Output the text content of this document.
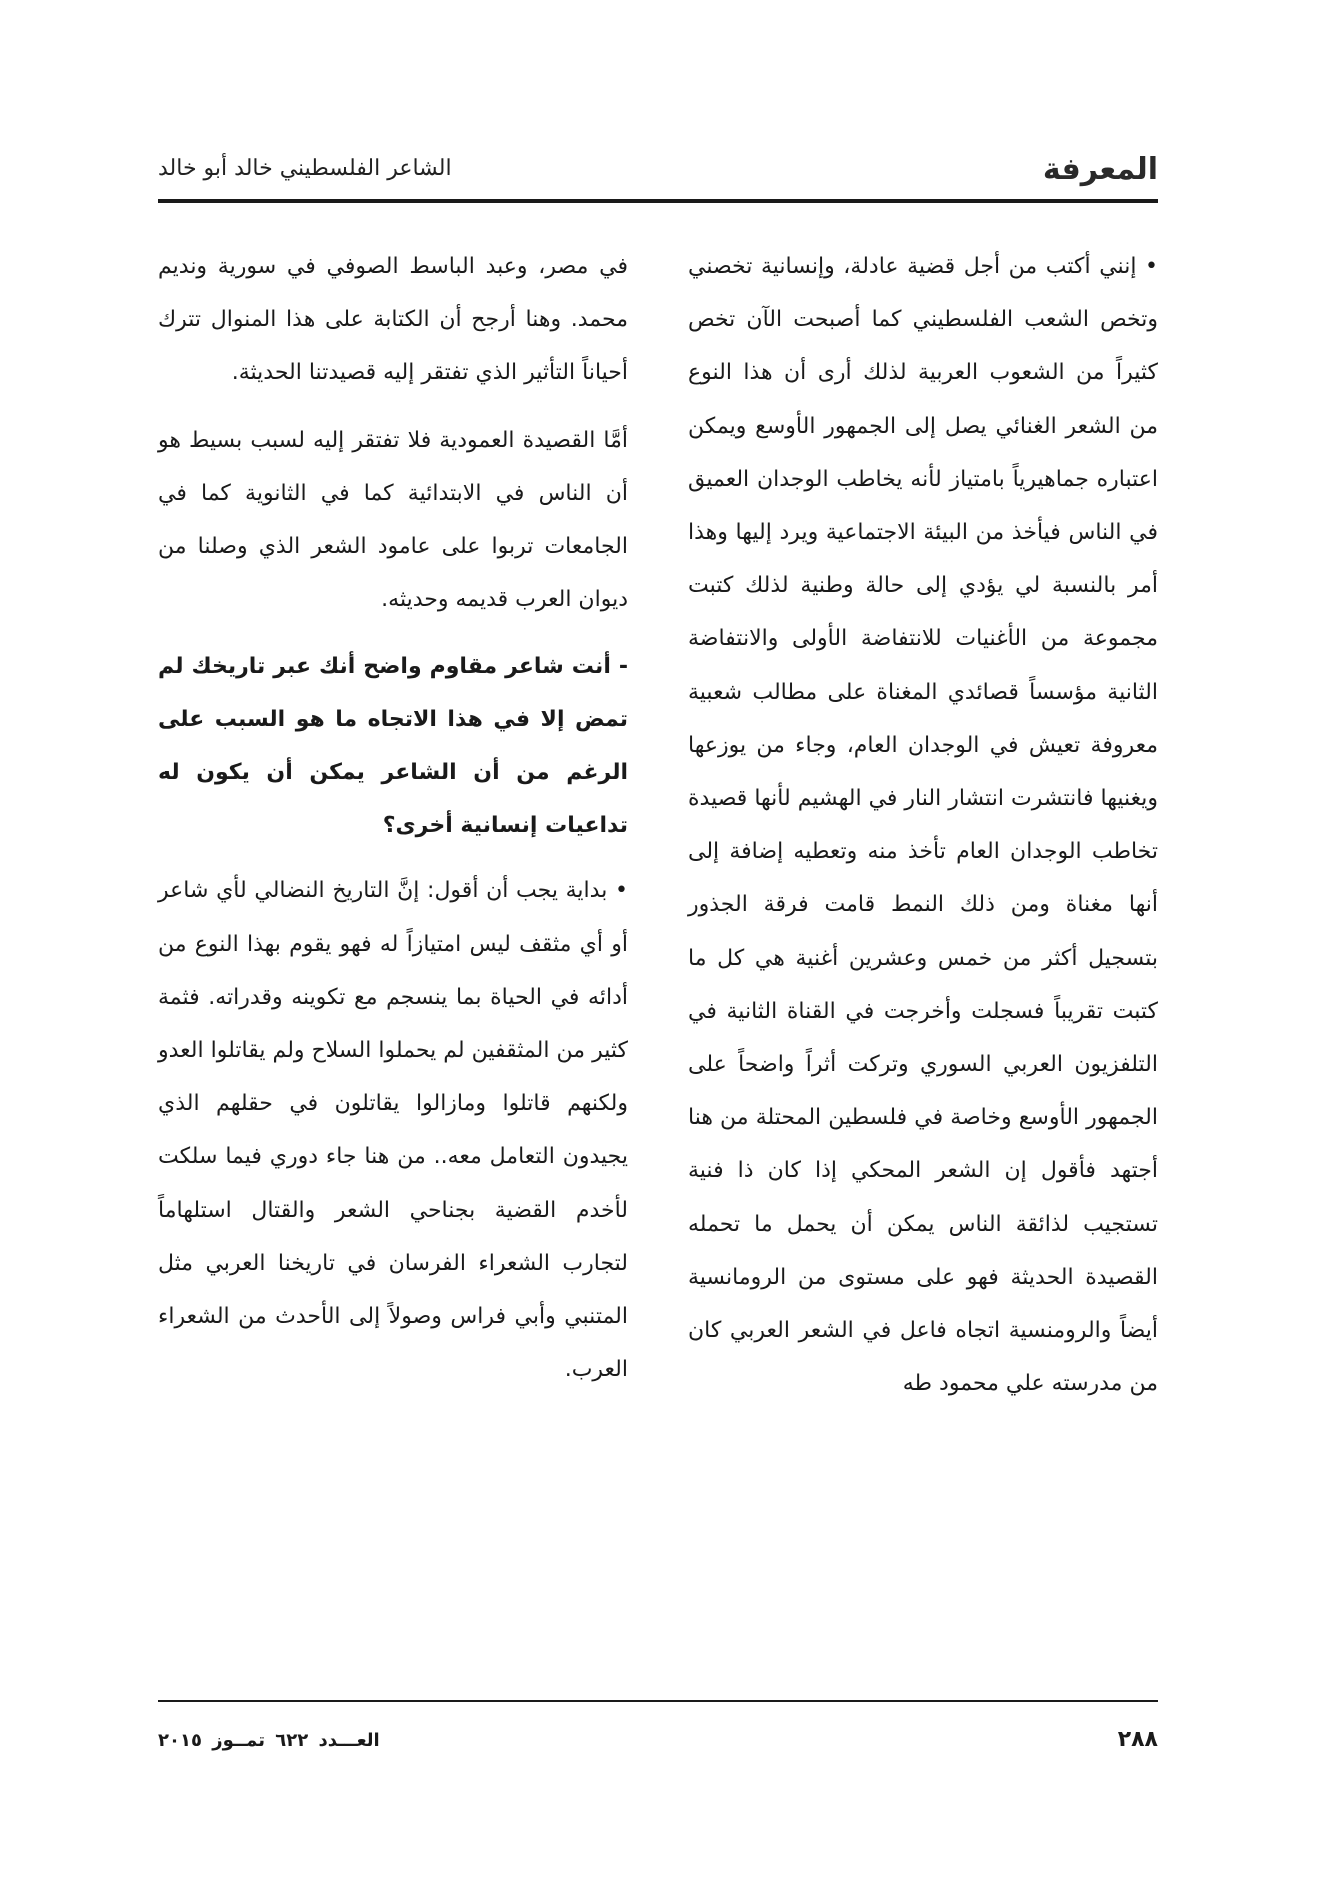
المعرفة
الشاعر الفلسطيني خالد أبو خالد

• إنني أكتب من أجل قضية عادلة، وإنسانية تخصني وتخص الشعب الفلسطيني كما أصبحت الآن تخص كثيراً من الشعوب العربية لذلك أرى أن هذا النوع من الشعر الغنائي يصل إلى الجمهور الأوسع ويمكن اعتباره جماهيرياً بامتياز لأنه يخاطب الوجدان العميق في الناس فيأخذ من البيئة الاجتماعية ويرد إليها وهذا أمر بالنسبة لي يؤدي إلى حالة وطنية لذلك كتبت مجموعة من الأغنيات للانتفاضة الأولى والانتفاضة الثانية مؤسساً قصائدي المغناة على مطالب شعبية معروفة تعيش في الوجدان العام، وجاء من يوزعها ويغنيها فانتشرت انتشار النار في الهشيم لأنها قصيدة تخاطب الوجدان العام تأخذ منه وتعطيه إضافة إلى أنها مغناة ومن ذلك النمط قامت فرقة الجذور بتسجيل أكثر من خمس وعشرين أغنية هي كل ما كتبت تقريباً فسجلت وأخرجت في القناة الثانية في التلفزيون العربي السوري وتركت أثراً واضحاً على الجمهور الأوسع وخاصة في فلسطين المحتلة من هنا أجتهد فأقول إن الشعر المحكي إذا كان ذا فنية تستجيب لذائقة الناس يمكن أن يحمل ما تحمله القصيدة الحديثة فهو على مستوى من الرومانسية أيضاً والرومنسية اتجاه فاعل في الشعر العربي كان من مدرسته علي محمود طه

في مصر، وعبد الباسط الصوفي في سورية ونديم محمد. وهنا أرجح أن الكتابة على هذا المنوال تترك أحياناً التأثير الذي تفتقر إليه قصيدتنا الحديثة.

أمَّا القصيدة العمودية فلا تفتقر إليه لسبب بسيط هو أن الناس في الابتدائية كما في الثانوية كما في الجامعات تربوا على عامود الشعر الذي وصلنا من ديوان العرب قديمه وحديثه.

- أنت شاعر مقاوم واضح أنك عبر تاريخك لم تمض إلا في هذا الاتجاه ما هو السبب على الرغم من أن الشاعر يمكن أن يكون له تداعيات إنسانية أخرى؟

• بداية يجب أن أقول: إنَّ التاريخ النضالي لأي شاعر أو أي مثقف ليس امتيازاً له فهو يقوم بهذا النوع من أدائه في الحياة بما ينسجم مع تكوينه وقدراته. فثمة كثير من المثقفين لم يحملوا السلاح ولم يقاتلوا العدو ولكنهم قاتلوا ومازالوا يقاتلون في حقلهم الذي يجيدون التعامل معه.. من هنا جاء دوري فيما سلكت لأخدم القضية بجناحي الشعر والقتال استلهاماً لتجارب الشعراء الفرسان في تاريخنا العربي مثل المتنبي وأبي فراس وصولاً إلى الأحدث من الشعراء العرب.

٢٨٨
العـــدد ٦٢٢ تمــوز ٢٠١٥
